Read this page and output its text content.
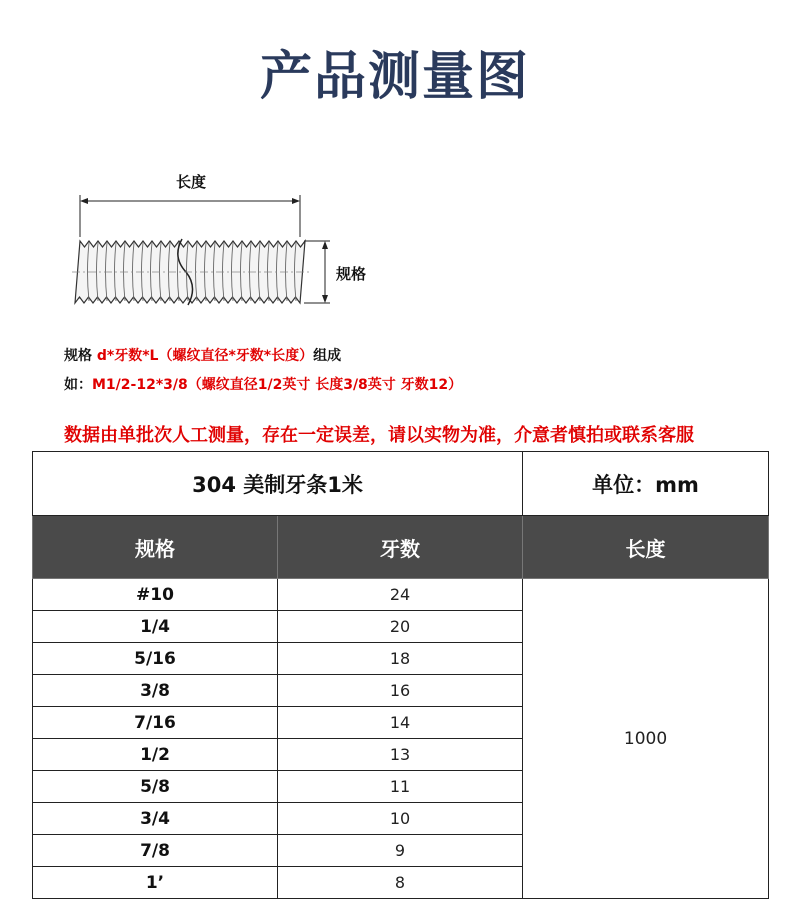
产品测量图
长度
规格
规格 d*牙数*L（螺纹直径*牙数*长度）组成
如：M1/2-12*3/8（螺纹直径1/2英寸 长度3/8英寸 牙数12）
数据由单批次人工测量，存在一定误差，请以实物为准，介意者慎拍或联系客服
304 美制牙条1米		单位：mm
规格	牙数	长度
#10	24	1000
1/4	20	
5/16	18	
3/8	16	
7/16	14	
1/2	13	
5/8	11	
3/4	10	
7/8	9	
1’	8	
